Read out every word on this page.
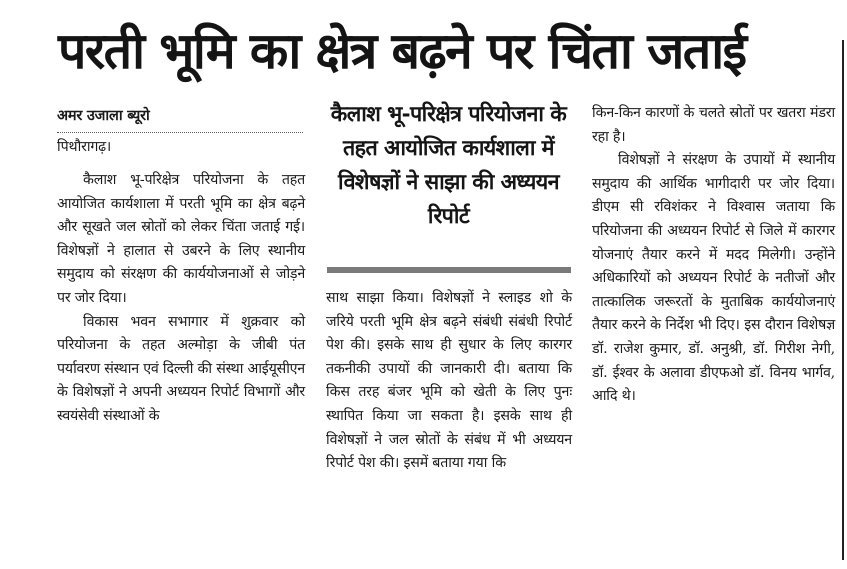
परती भूमि का क्षेत्र बढ़ने पर चिंता जताई

अमर उजाला ब्यूरो

पिथौरागढ़।

कैलाश भू-परिक्षेत्र परियोजना के तहत आयोजित कार्यशाला में परती भूमि का क्षेत्र बढ़ने और सूखते जल स्रोतों को लेकर चिंता जताई गई। विशेषज्ञों ने हालात से उबरने के लिए स्थानीय समुदाय को संरक्षण की कार्ययोजनाओं से जोड़ने पर जोर दिया।

विकास भवन सभागार में शुक्रवार को परियोजना के तहत अल्मोड़ा के जीबी पंत पर्यावरण संस्थान एवं दिल्ली की संस्था आईयूसीएन के विशेषज्ञों ने अपनी अध्ययन रिपोर्ट विभागों और स्वयंसेवी संस्थाओं के

कैलाश भू-परिक्षेत्र परियोजना के तहत आयोजित कार्यशाला में विशेषज्ञों ने साझा की अध्ययन रिपोर्ट

साथ साझा किया। विशेषज्ञों ने स्लाइड शो के जरिये परती भूमि क्षेत्र बढ़ने संबंधी संबंधी रिपोर्ट पेश की। इसके साथ ही सुधार के लिए कारगर तकनीकी उपायों की जानकारी दी। बताया कि किस तरह बंजर भूमि को खेती के लिए पुनः स्थापित किया जा सकता है। इसके साथ ही विशेषज्ञों ने जल स्रोतों के संबंध में भी अध्ययन रिपोर्ट पेश की। इसमें बताया गया कि

किन-किन कारणों के चलते स्रोतों पर खतरा मंडरा रहा है।

विशेषज्ञों ने संरक्षण के उपायों में स्थानीय समुदाय की आर्थिक भागीदारी पर जोर दिया। डीएम सी रविशंकर ने विश्वास जताया कि परियोजना की अध्ययन रिपोर्ट से जिले में कारगर योजनाएं तैयार करने में मदद मिलेगी। उन्होंने अधिकारियों को अध्ययन रिपोर्ट के नतीजों और तात्कालिक जरूरतों के मुताबिक कार्ययोजनाएं तैयार करने के निर्देश भी दिए। इस दौरान विशेषज्ञ डॉ. राजेश कुमार, डॉ. अनुश्री, डॉ. गिरीश नेगी, डॉ. ईश्वर के अलावा डीएफओ डॉ. विनय भार्गव, आदि थे।
